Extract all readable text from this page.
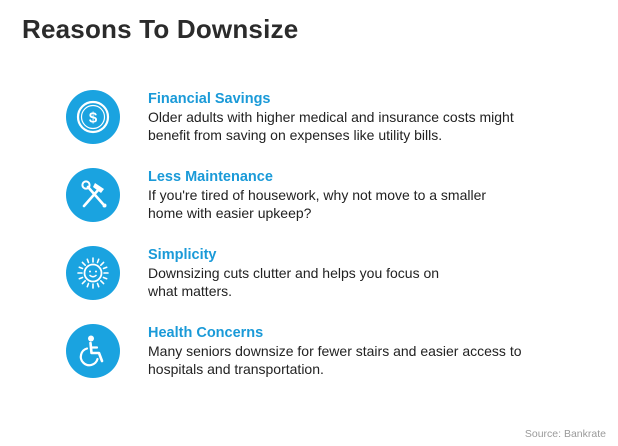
Reasons To Downsize
$
Financial Savings
Older adults with higher medical and insurance costs might
benefit from saving on expenses like utility bills.
Less Maintenance
If you're tired of housework, why not move to a smaller
home with easier upkeep?
Simplicity
Downsizing cuts clutter and helps you focus on
what matters.
Health Concerns
Many seniors downsize for fewer stairs and easier access to
hospitals and transportation.
Source: Bankrate
